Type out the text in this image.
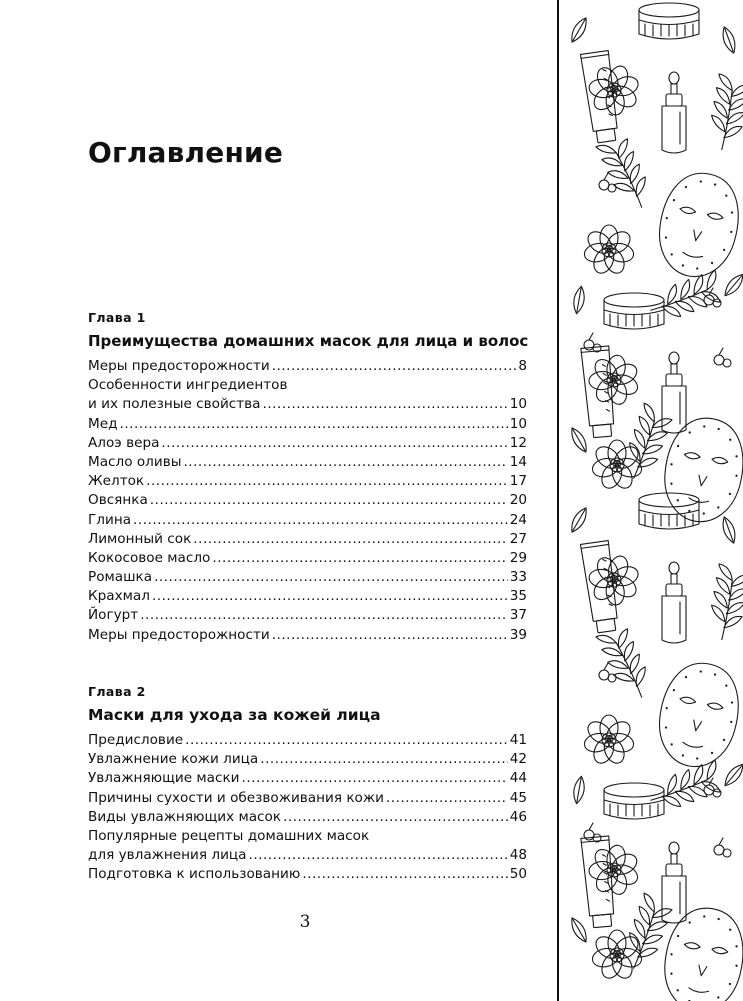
Оглавление
Глава 1
Преимущества домашних масок для лица и волос
Меры предосторожности .....	8
Особенности ингредиентов
и их полезные свойства .....	10
Мед .....	10
Алоэ вера .....	12
Масло оливы .....	14
Желток .....	17
Овсянка .....	20
Глина .....	24
Лимонный сок .....	27
Кокосовое масло .....	29
Ромашка .....	33
Крахмал .....	35
Йогурт .....	37
Меры предосторожности .....	39
Глава 2
Маски для ухода за кожей лица
Предисловие .....	41
Увлажнение кожи лица .....	42
Увлажняющие маски .....	44
Причины сухости и обезвоживания кожи .....	45
Виды увлажняющих масок .....	46
Популярные рецепты домашних масок
для увлажнения лица .....	48
Подготовка к использованию .....	50
3
